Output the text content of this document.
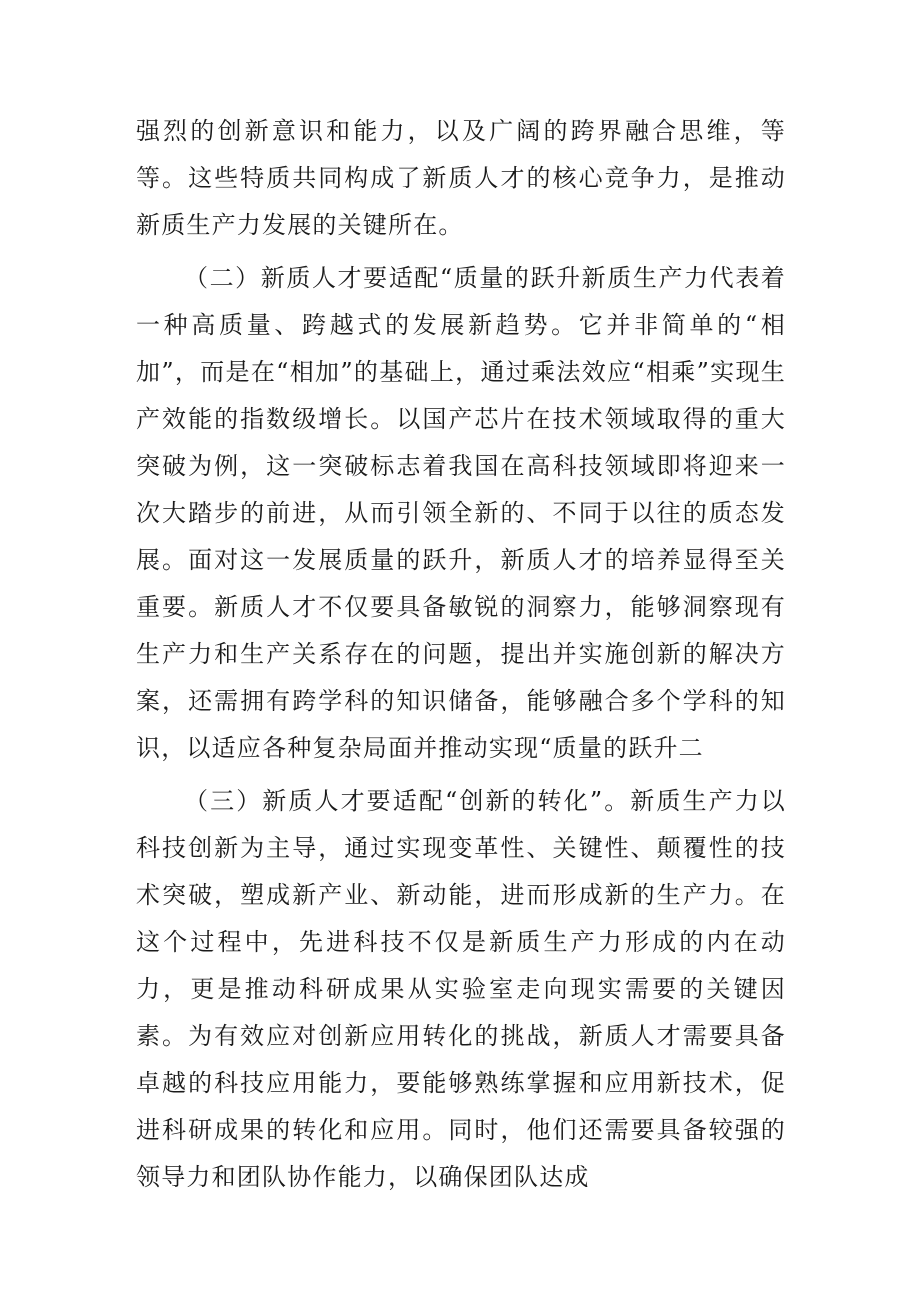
强烈的创新意识和能力，以及广阔的跨界融合思维，等等。这些特质共同构成了新质人才的核心竞争力，是推动新质生产力发展的关键所在。

（二）新质人才要适配“质量的跃升新质生产力代表着一种高质量、跨越式的发展新趋势。它并非简单的“相加”，而是在“相加”的基础上，通过乘法效应“相乘”实现生产效能的指数级增长。以国产芯片在技术领域取得的重大突破为例，这一突破标志着我国在高科技领域即将迎来一次大踏步的前进，从而引领全新的、不同于以往的质态发展。面对这一发展质量的跃升，新质人才的培养显得至关重要。新质人才不仅要具备敏锐的洞察力，能够洞察现有生产力和生产关系存在的问题，提出并实施创新的解决方案，还需拥有跨学科的知识储备，能够融合多个学科的知识，以适应各种复杂局面并推动实现“质量的跃升二

（三）新质人才要适配“创新的转化”。新质生产力以科技创新为主导，通过实现变革性、关键性、颠覆性的技术突破，塑成新产业、新动能，进而形成新的生产力。在这个过程中，先进科技不仅是新质生产力形成的内在动力，更是推动科研成果从实验室走向现实需要的关键因素。为有效应对创新应用转化的挑战，新质人才需要具备卓越的科技应用能力，要能够熟练掌握和应用新技术，促进科研成果的转化和应用。同时，他们还需要具备较强的领导力和团队协作能力，以确保团队达成
